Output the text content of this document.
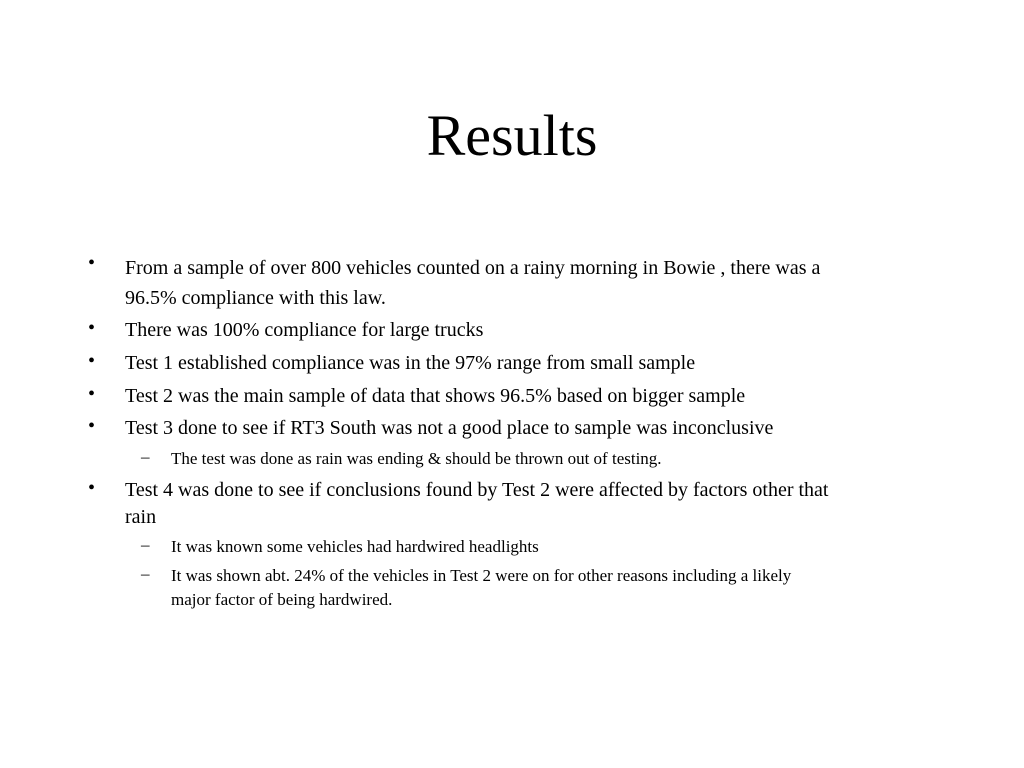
Results
• From a sample of over 800 vehicles counted on a rainy morning in Bowie , there was a
96.5% compliance with this law.
• There was 100% compliance for large trucks
• Test 1 established compliance was in the 97% range from small sample
• Test 2 was the main sample of data that shows 96.5% based on bigger sample
• Test 3 done to see if RT3 South was not a good place to sample was inconclusive
– The test was done as rain was ending & should be thrown out of testing.
• Test 4 was done to see if conclusions found by Test 2 were affected by factors other that
rain
– It was known some vehicles had hardwired headlights
– It was shown abt. 24% of the vehicles in Test 2 were on for other reasons including a likely
major factor of being hardwired.
